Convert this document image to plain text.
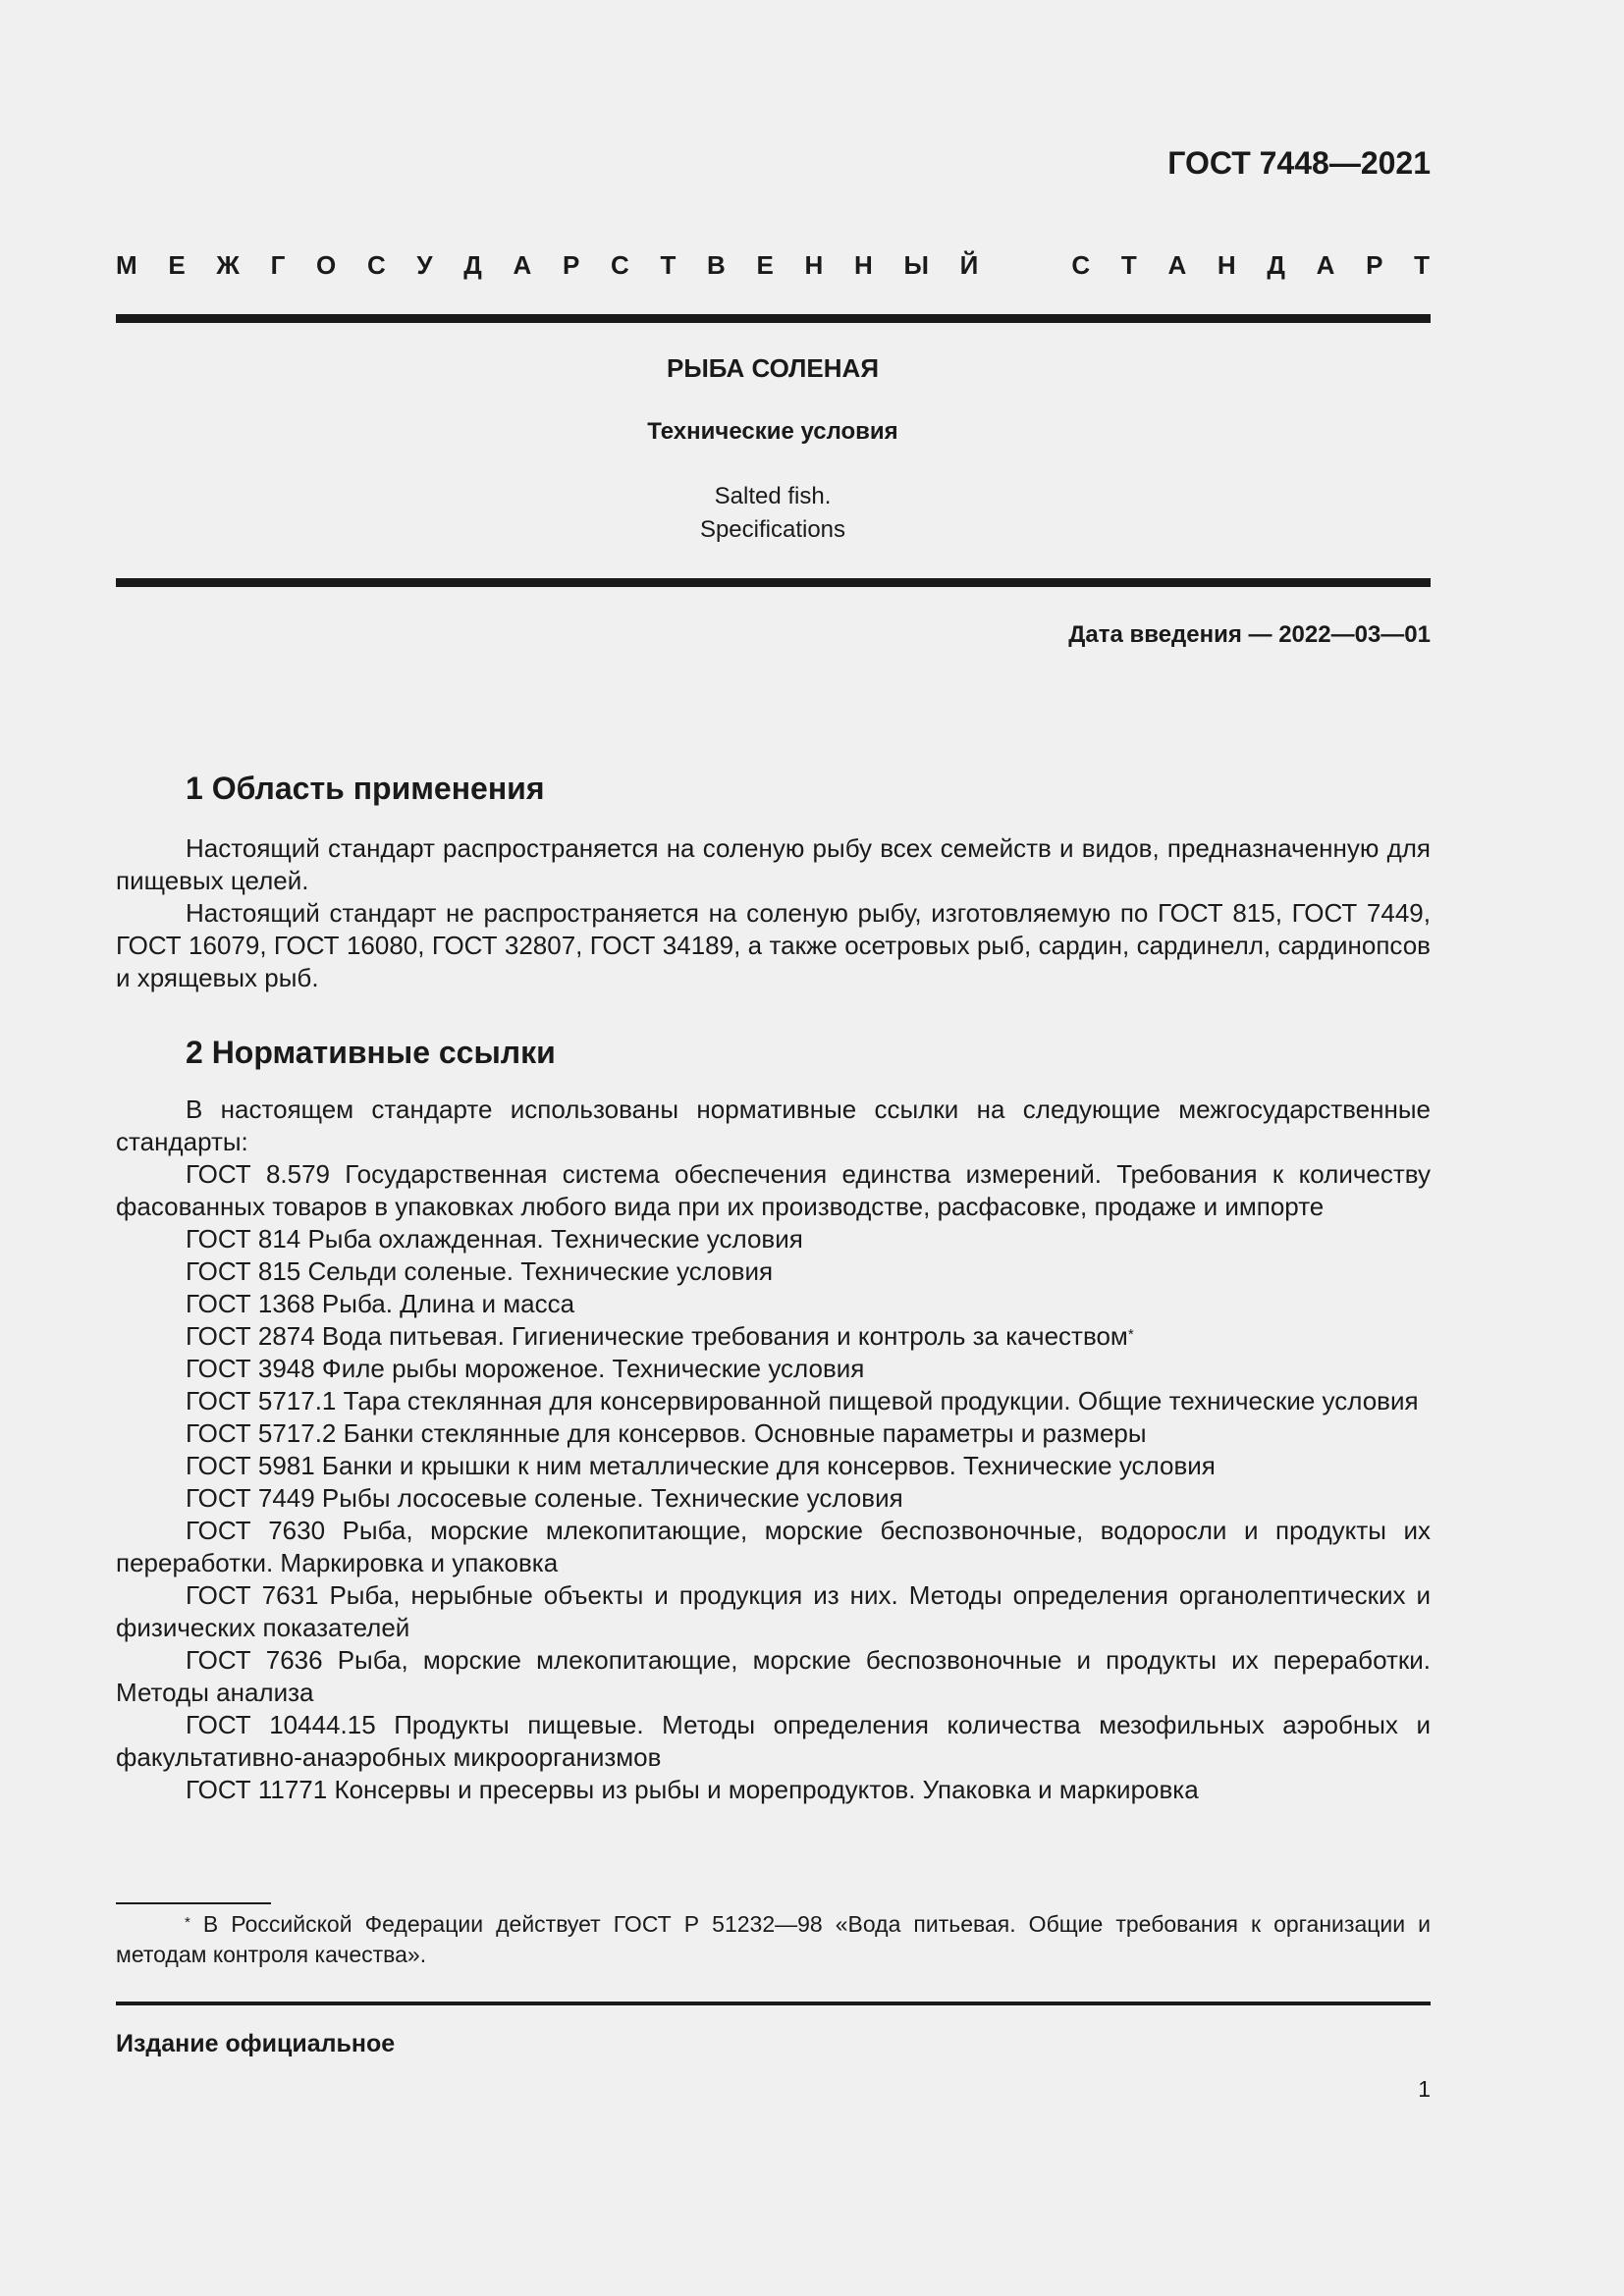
ГОСТ 7448—2021
М Е Ж Г О С У Д А Р С Т В Е Н Н Ы Й	С Т А Н Д А Р Т
РЫБА СОЛЕНАЯ
Технические условия
Salted fish.
Specifications
Дата введения — 2022—03—01
1 Область применения

Настоящий стандарт распространяется на соленую рыбу всех семейств и видов, предназначенную для пищевых целей.

Настоящий стандарт не распространяется на соленую рыбу, изготовляемую по ГОСТ 815, ГОСТ 7449, ГОСТ 16079, ГОСТ 16080, ГОСТ 32807, ГОСТ 34189, а также осетровых рыб, сардин, сардинелл, сардинопсов и хрящевых рыб.

2 Нормативные ссылки

В настоящем стандарте использованы нормативные ссылки на следующие межгосударственные стандарты:

ГОСТ 8.579 Государственная система обеспечения единства измерений. Требования к количеству фасованных товаров в упаковках любого вида при их производстве, расфасовке, продаже и импорте

ГОСТ 814 Рыба охлажденная. Технические условия

ГОСТ 815 Сельди соленые. Технические условия

ГОСТ 1368 Рыба. Длина и масса

ГОСТ 2874 Вода питьевая. Гигиенические требования и контроль за качеством*

ГОСТ 3948 Филе рыбы мороженое. Технические условия

ГОСТ 5717.1 Тара стеклянная для консервированной пищевой продукции. Общие технические условия

ГОСТ 5717.2 Банки стеклянные для консервов. Основные параметры и размеры

ГОСТ 5981 Банки и крышки к ним металлические для консервов. Технические условия

ГОСТ 7449 Рыбы лососевые соленые. Технические условия

ГОСТ 7630 Рыба, морские млекопитающие, морские беспозвоночные, водоросли и продукты их переработки. Маркировка и упаковка

ГОСТ 7631 Рыба, нерыбные объекты и продукция из них. Методы определения органолептических и физических показателей

ГОСТ 7636 Рыба, морские млекопитающие, морские беспозвоночные и продукты их переработки. Методы анализа

ГОСТ 10444.15 Продукты пищевые. Методы определения количества мезофильных аэробных и факультативно-анаэробных микроорганизмов

ГОСТ 11771 Консервы и пресервы из рыбы и морепродуктов. Упаковка и маркировка

* В Российской Федерации действует ГОСТ Р 51232—98 «Вода питьевая. Общие требования к организации и методам контроля качества».
Издание официальное
1
